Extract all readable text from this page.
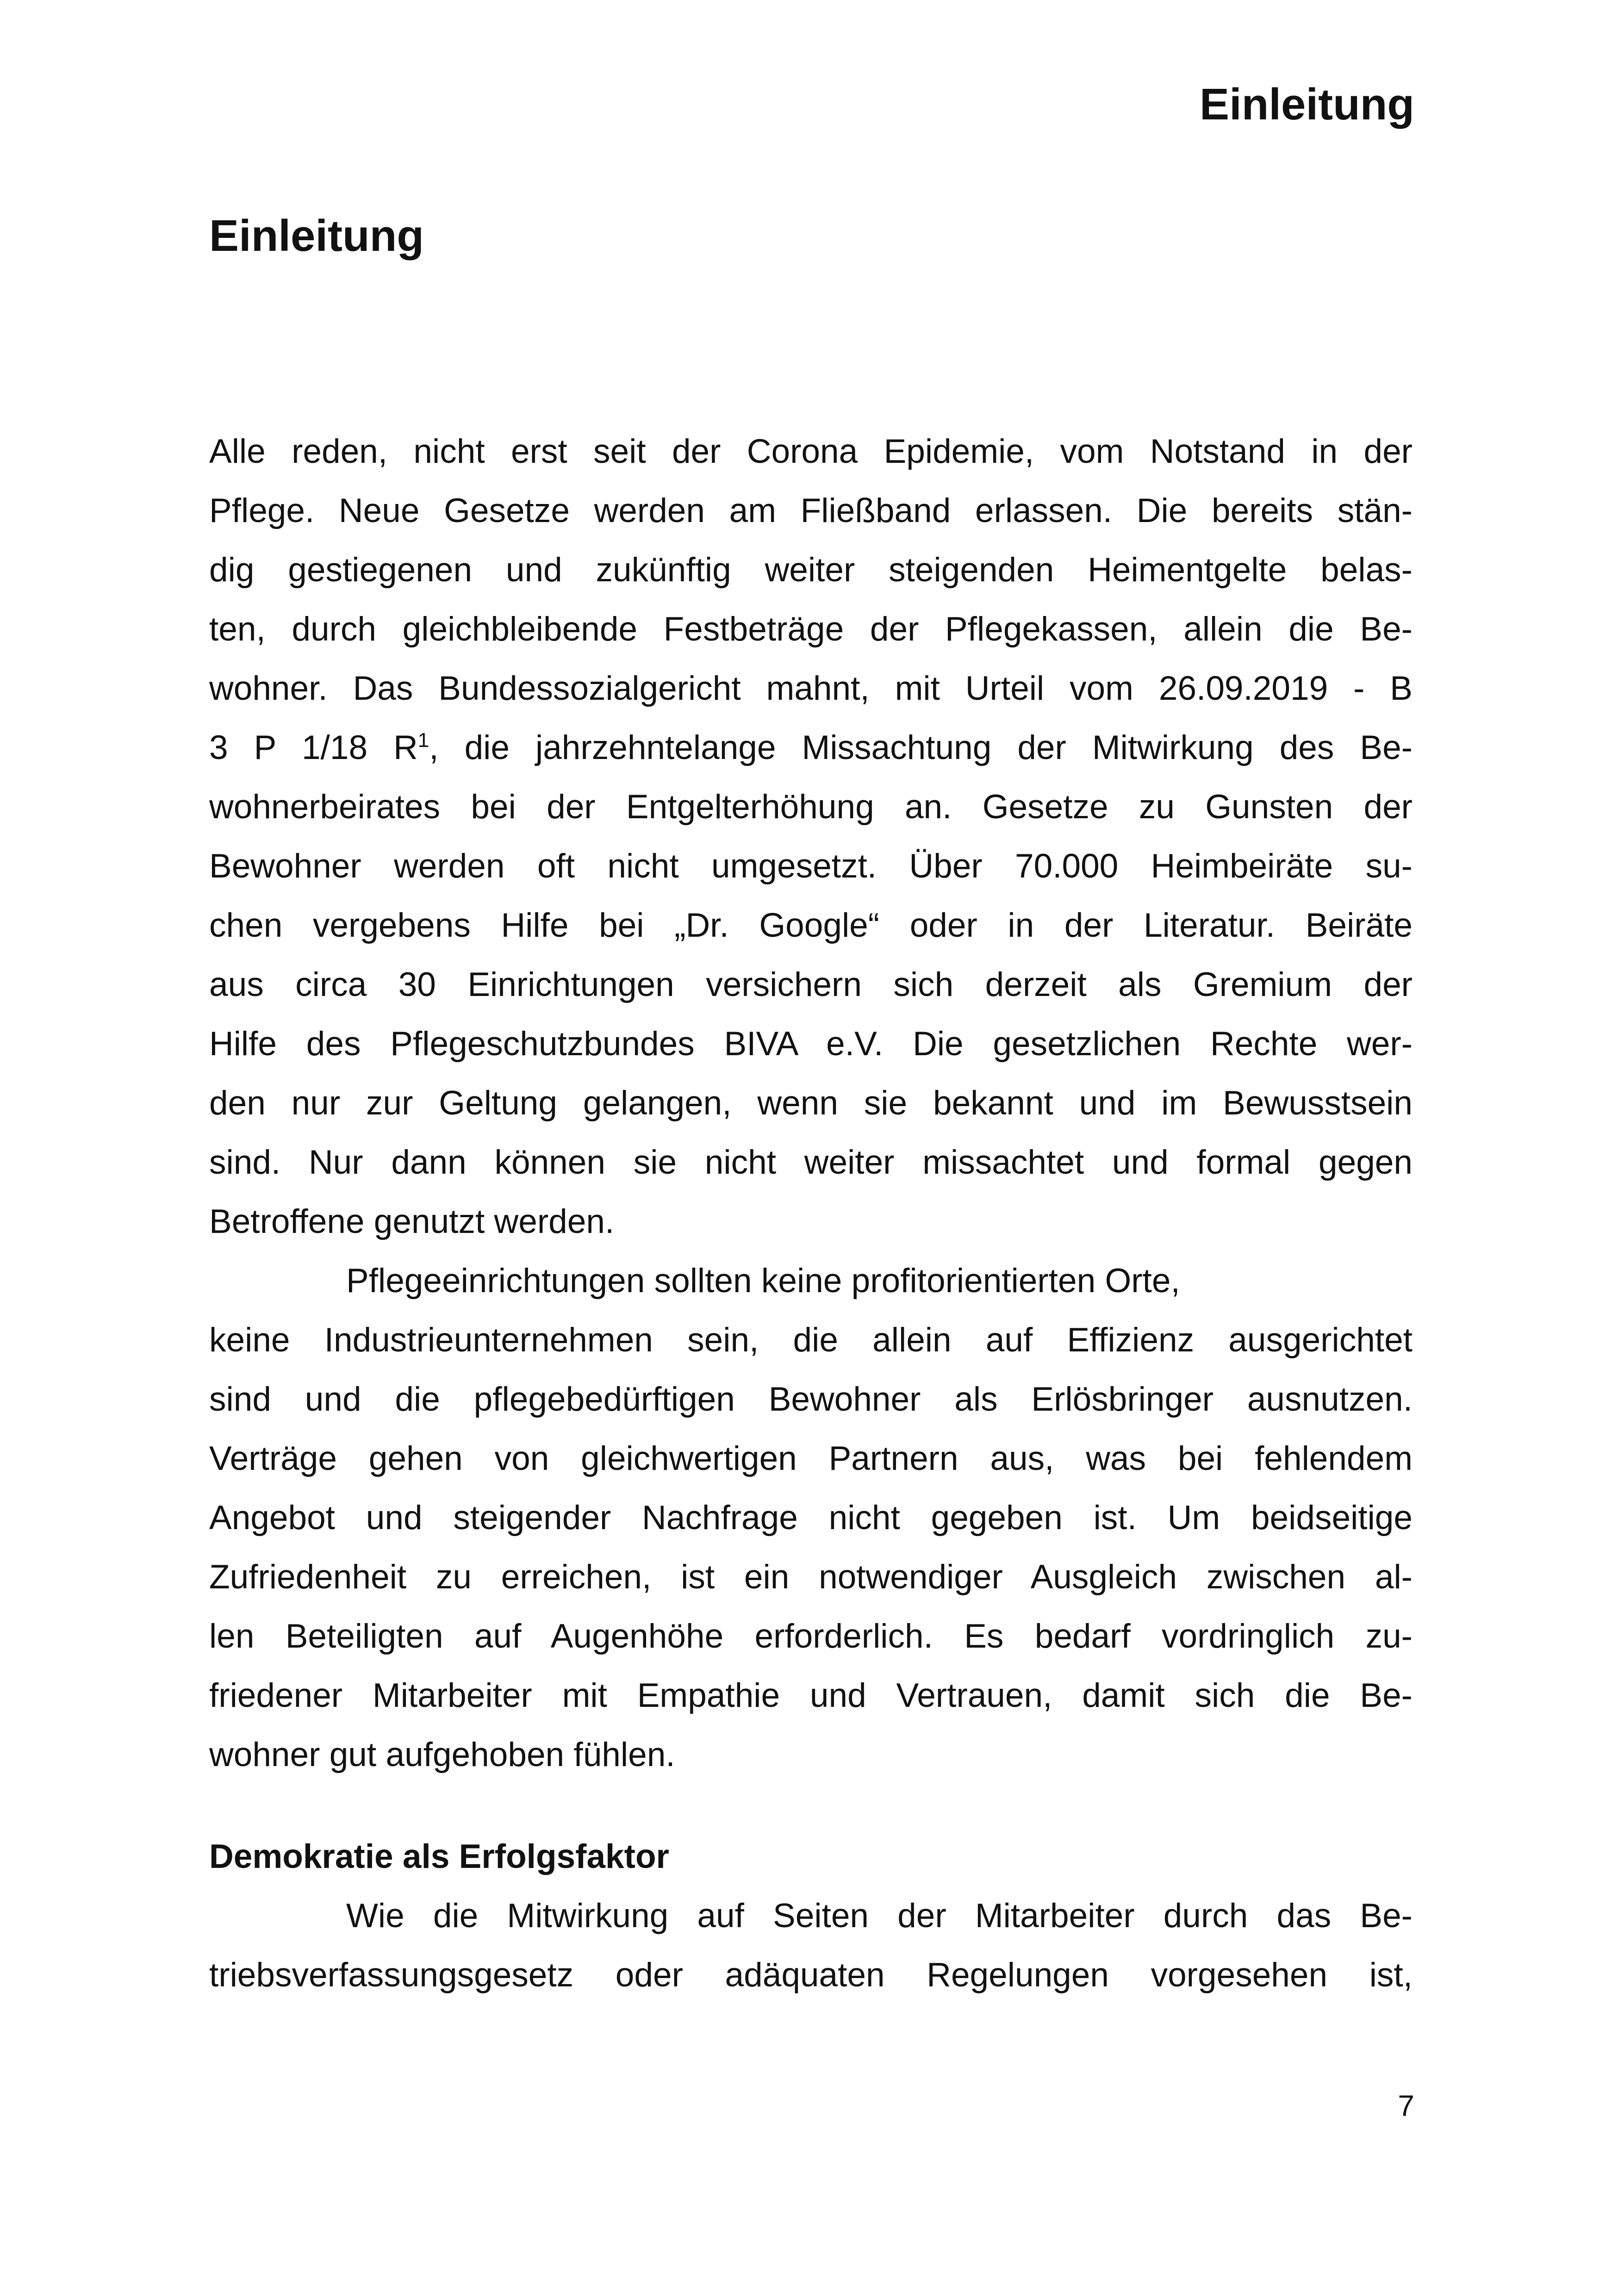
Einleitung
Einleitung
Alle reden, nicht erst seit der Corona Epidemie, vom Notstand in der
Pflege. Neue Gesetze werden am Fließband erlassen. Die bereits stän-
dig gestiegenen und zukünftig weiter steigenden Heimentgelte belas-
ten, durch gleichbleibende Festbeträge der Pflegekassen, allein die Be-
wohner. Das Bundessozialgericht mahnt, mit Urteil vom 26.09.2019 - B
3 P 1/18 $R^1$, die jahrzehntelange Missachtung der Mitwirkung des Be-
wohnerbeirates bei der Entgelterhöhung an. Gesetze zu Gunsten der
Bewohner werden oft nicht umgesetzt. Über 70.000 Heimbeiräte su-
chen vergebens Hilfe bei „Dr. Google“ oder in der Literatur. Beiräte
aus circa 30 Einrichtungen versichern sich derzeit als Gremium der
Hilfe des Pflegeschutzbundes BIVA e.V. Die gesetzlichen Rechte wer-
den nur zur Geltung gelangen, wenn sie bekannt und im Bewusstsein
sind. Nur dann können sie nicht weiter missachtet und formal gegen
Betroffene genutzt werden.
Pflegeeinrichtungen sollten keine profitorientierten Orte,
keine Industrieunternehmen sein, die allein auf Effizienz ausgerichtet
sind und die pflegebedürftigen Bewohner als Erlösbringer ausnutzen.
Verträge gehen von gleichwertigen Partnern aus, was bei fehlendem
Angebot und steigender Nachfrage nicht gegeben ist. Um beidseitige
Zufriedenheit zu erreichen, ist ein notwendiger Ausgleich zwischen al-
len Beteiligten auf Augenhöhe erforderlich. Es bedarf vordringlich zu-
friedener Mitarbeiter mit Empathie und Vertrauen, damit sich die Be-
wohner gut aufgehoben fühlen.
Demokratie als Erfolgsfaktor
Wie die Mitwirkung auf Seiten der Mitarbeiter durch das Be-
triebsverfassungsgesetz oder adäquaten Regelungen vorgesehen ist,
7
